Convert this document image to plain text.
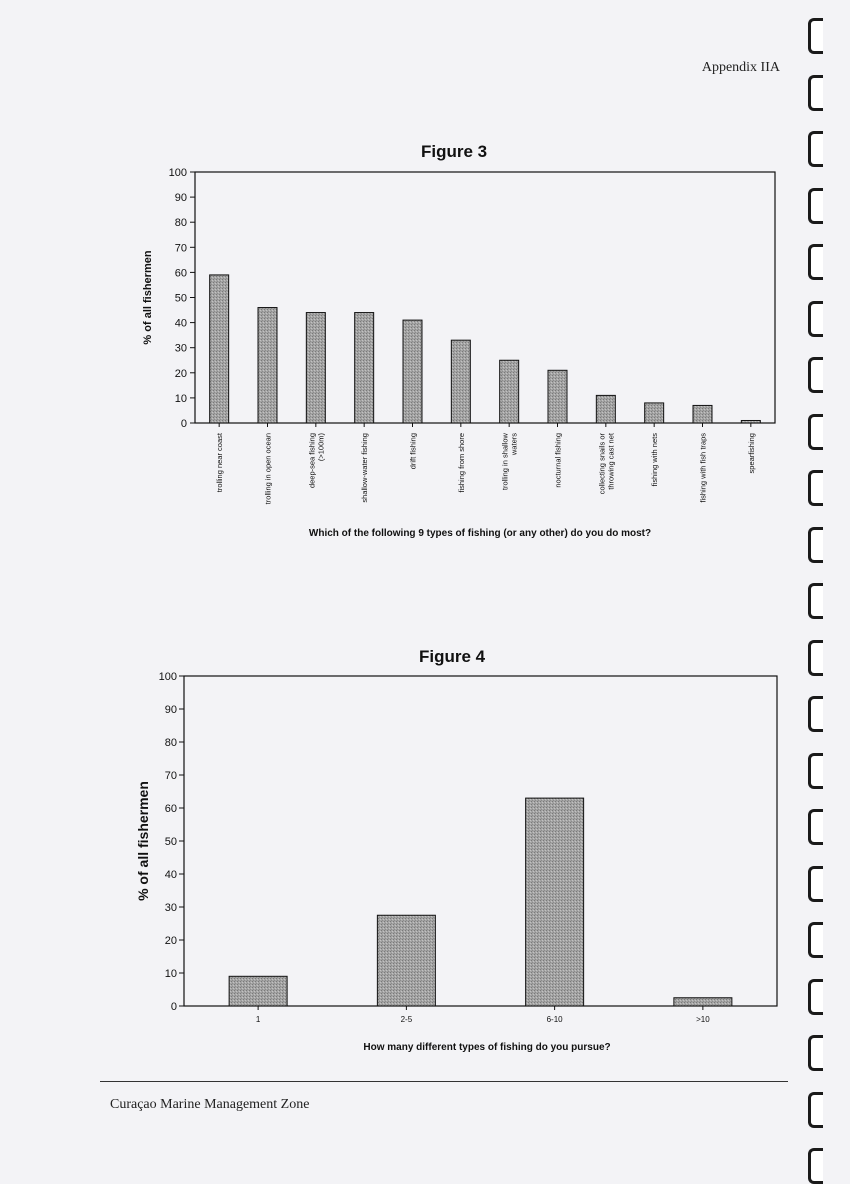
Appendix IIA
Figure 3
0
10
20
30
40
50
60
70
80
90
100
% of all fishermen
trolling near coast	trolling in open ocean	deep-sea fishing (>100m)	shallow-water fishing	drift fishing	fishing from shore	trolling in shallow waters	nocturnal fishing	collecting snails or throwing cast net	fishing with nets	fishing with fish traps	spearfishing
Which of the following 9 types of fishing (or any other) do you do most?
Figure 4
0
10
20
30
40
50
60
70
80
90
100
% of all fishermen
1	2-5	6-10	>10
How many different types of fishing do you pursue?
Curaçao Marine Management Zone
